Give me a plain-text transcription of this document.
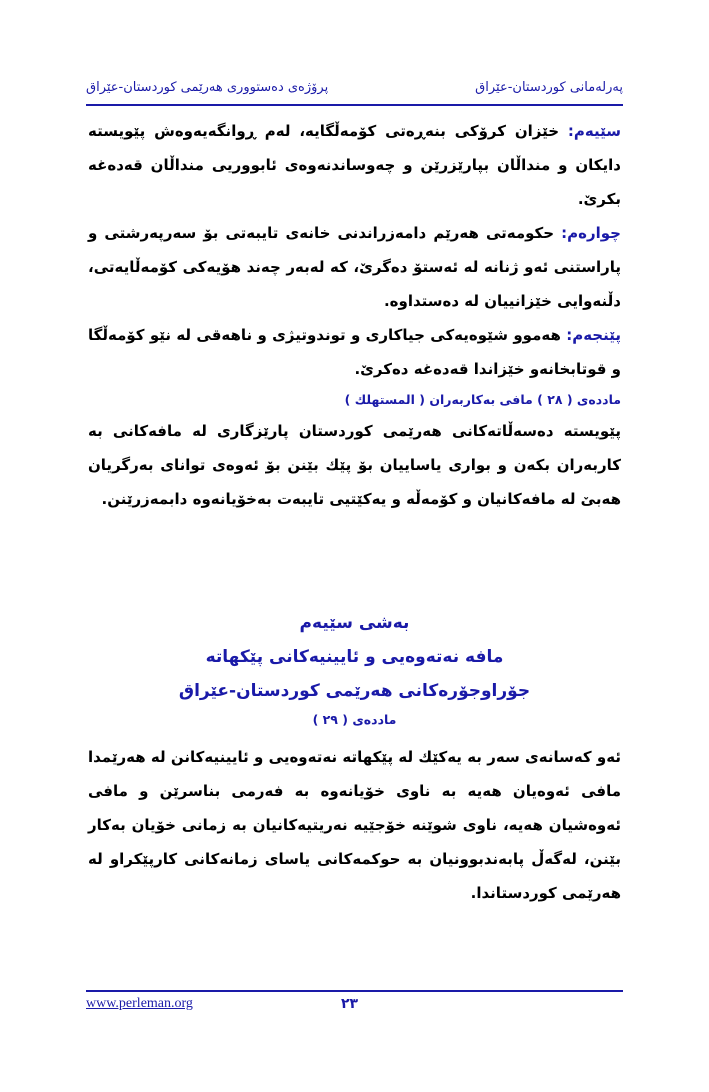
پەرلەمانی کوردستان-عێراق
پرۆژەی دەستووری هەرێمی کوردستان-عێراق

سێیەم: خێزان کرۆکی بنەڕەتی کۆمەڵگایە، لەم ڕوانگەیەوەش پێویستە دایکان و منداڵان بپارێزرێن و چەوساندنەوەی ئابووریی منداڵان قەدەغە بکرێ.

چوارەم: حکومەتی هەرێم دامەزراندنی خانەی تایبەتی بۆ سەرپەرشتی و پاراستنی ئەو ژنانە لە ئەستۆ دەگرێ، کە لەبەر چەند هۆیەکی کۆمەڵایەتی، دڵنەوایی خێزانییان لە دەستداوە.

پێنجەم: هەموو شێوەیەکی جیاکاری و توندوتیژی و ناهەقی لە نێو کۆمەڵگا و قوتابخانەو خێزاندا قەدەغە دەکرێ.

ماددەی ( ٢٨ ) مافی بەکاربەران ( المستهلك )

پێویستە دەسەڵاتەکانی هەرێمی کوردستان پارێزگاری لە مافەکانی بە کاربەران بکەن و بواری یاساییان بۆ پێك بێنن بۆ ئەوەی توانای بەرگریان هەبێ لە مافەکانیان و کۆمەڵە و یەکێتیی تایبەت بەخۆیانەوە دابمەزرێنن.

بەشی سێیەم

مافە نەتەوەیی و ئایینیەکانی پێکهاتە

جۆراوجۆرەکانی هەرێمی کوردستان-عێراق

ماددەی ( ٢٩ )

ئەو کەسانەی سەر بە یەکێك لە پێکهاتە نەتەوەیی و ئایینیەکانن لە هەرێمدا مافی ئەوەیان هەیە بە ناوی خۆیانەوە بە فەرمی بناسرێن و مافی ئەوەشیان هەیە، ناوی شوێنە خۆجێیە نەریتیەکانیان بە زمانی خۆیان بەکار بێنن، لەگەڵ پابەندبوونیان بە حوکمەکانی یاسای زمانەکانی کارپێکراو لە هەرێمی کوردستاندا.

www.perleman.org	٢٣
